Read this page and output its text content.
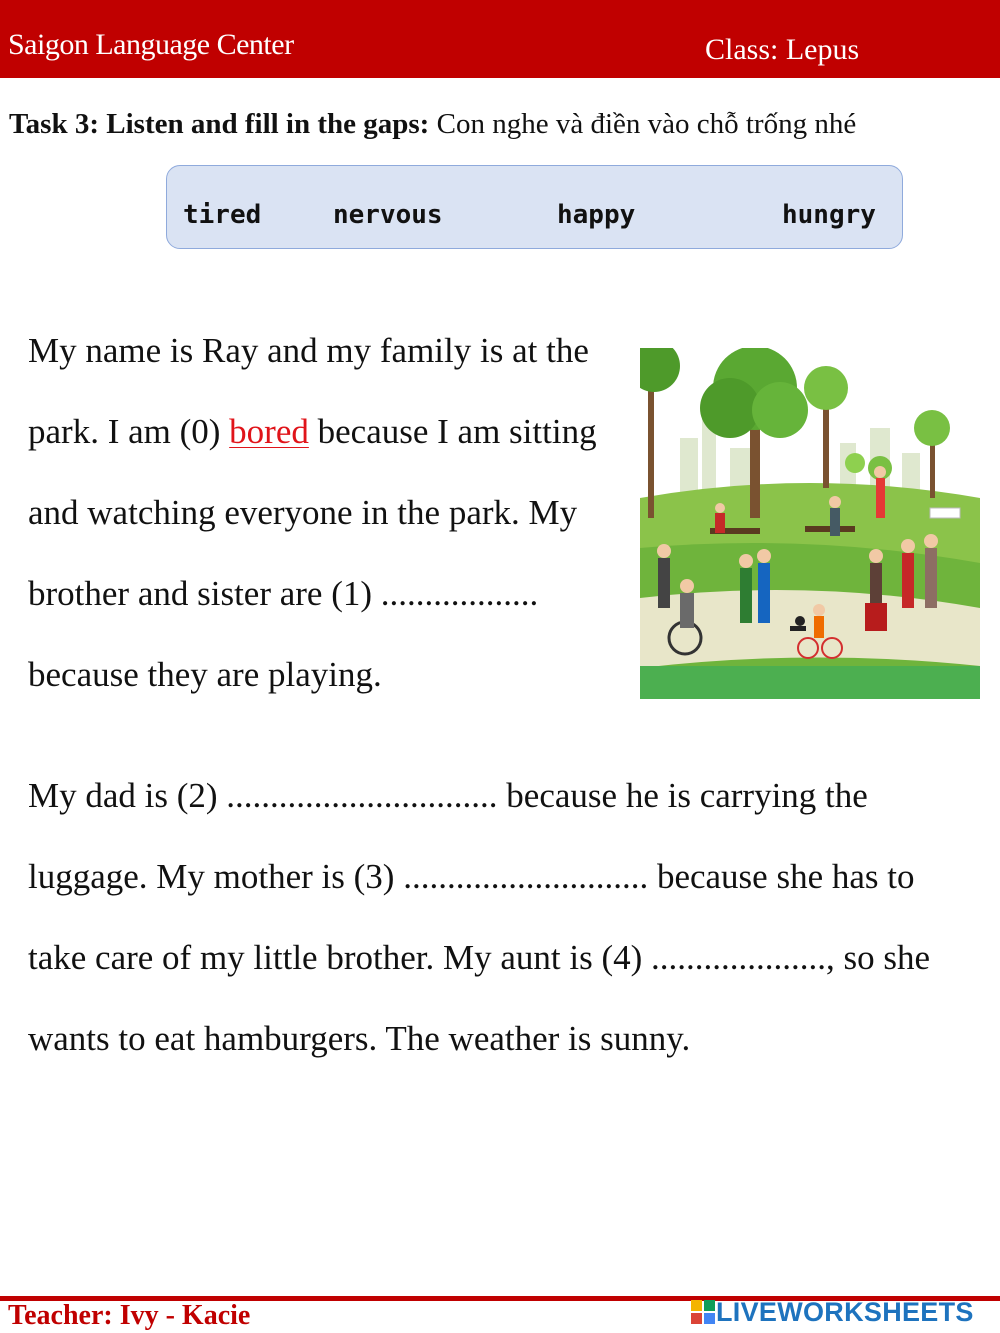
Saigon Language Center	Class: Lepus
Task 3: Listen and fill in the gaps: Con nghe và điền vào chỗ trống nhé
tired	nervous	happy	hungry
My name is Ray and my family is at the park. I am (0) bored because I am sitting and watching everyone in the park. My brother and sister are (1) .................. because they are playing.
My dad is (2) ............................... because he is carrying the luggage. My mother is (3) ............................ because she has to take care of my little brother. My aunt is (4) ...................., so she wants to eat hamburgers. The weather is sunny.
Teacher: Ivy - Kacie	LIVEWORKSHEETS
